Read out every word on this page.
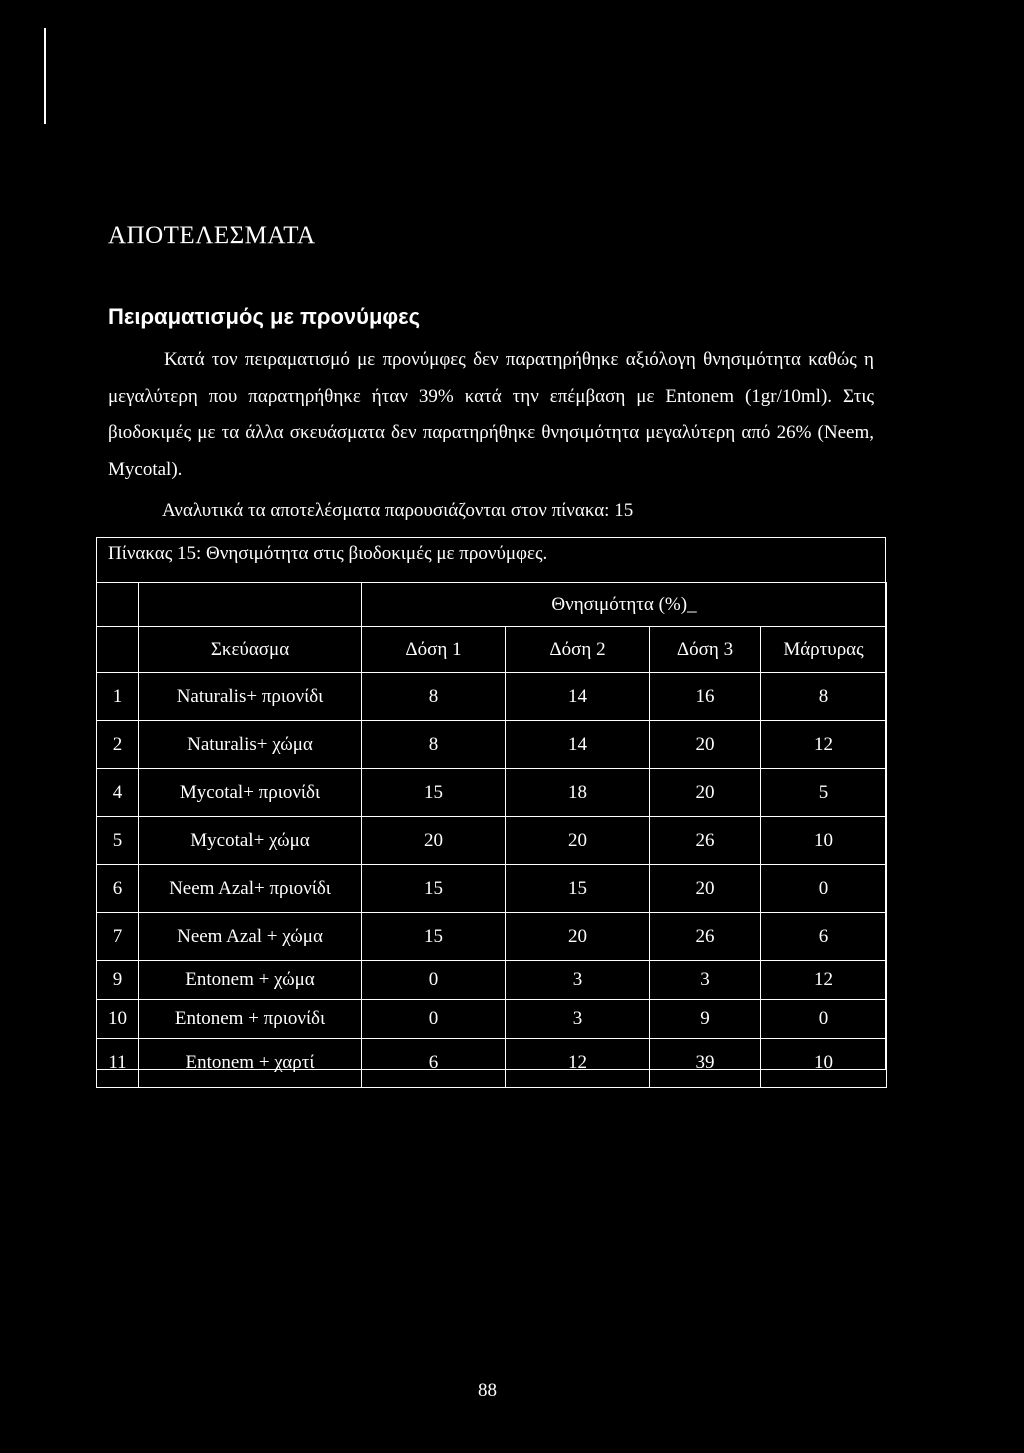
ΑΠΟΤΕΛΕΣΜΑΤΑ
Πειραματισμός με προνύμφες

Κατά τον πειραματισμό με προνύμφες δεν παρατηρήθηκε αξιόλογη θνησιμότητα καθώς η μεγαλύτερη που παρατηρήθηκε ήταν 39% κατά την επέμβαση με Entonem (1gr/10ml). Στις βιοδοκιμές με τα άλλα σκευάσματα δεν παρατηρήθηκε θνησιμότητα μεγαλύτερη από 26% (Neem, Mycotal).

Αναλυτικά τα αποτελέσματα παρουσιάζονται στον πίνακα: 15

Πίνακας 15: Θνησιμότητα στις βιοδοκιμές με προνύμφες.

		Θνησιμότητα (%)_			
	Σκεύασμα	Δόση 1	Δόση 2	Δόση 3	Μάρτυρας
1	Naturalis+ πριονίδι	8	14	16	8
2	Naturalis+ χώμα	8	14	20	12
4	Mycotal+ πριονίδι	15	18	20	5
5	Mycotal+ χώμα	20	20	26	10
6	Neem Azal+ πριονίδι	15	15	20	0
7	Neem Azal + χώμα	15	20	26	6
9	Entonem + χώμα	0	3	3	12
10	Entonem + πριονίδι	0	3	9	0
11	Entonem + χαρτί	6	12	39	10

88
